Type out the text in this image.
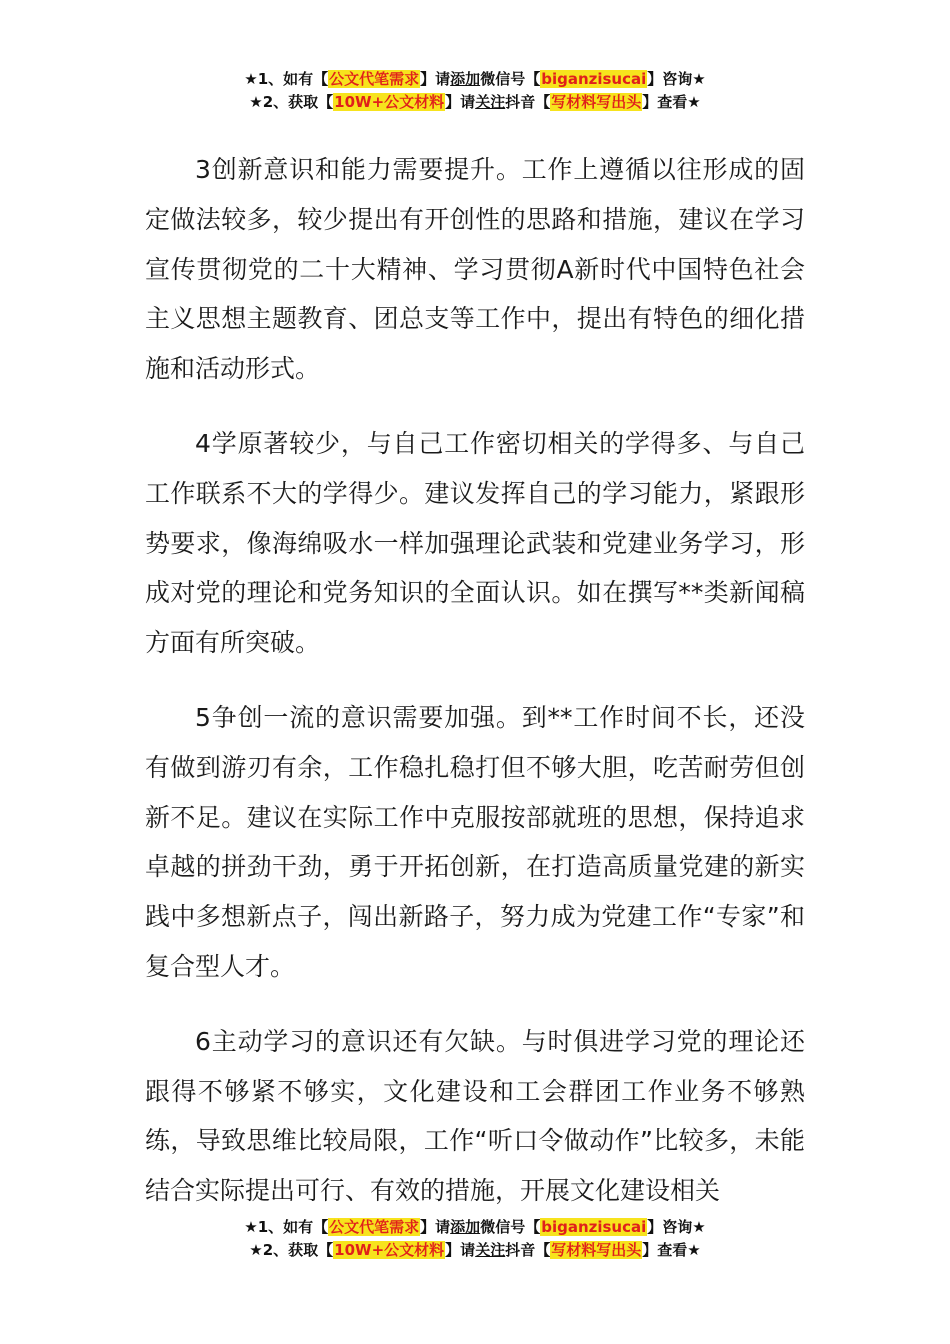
★1、如有【公文代笔需求】请添加微信号【biganzisucai】咨询★
★2、获取【10W+公文材料】请关注抖音【写材料写出头】查看★

3创新意识和能力需要提升。工作上遵循以往形成的固定做法较多，较少提出有开创性的思路和措施，建议在学习宣传贯彻党的二十大精神、学习贯彻A新时代中国特色社会主义思想主题教育、团总支等工作中，提出有特色的细化措施和活动形式。

4学原著较少，与自己工作密切相关的学得多、与自己工作联系不大的学得少。建议发挥自己的学习能力，紧跟形势要求，像海绵吸水一样加强理论武装和党建业务学习，形成对党的理论和党务知识的全面认识。如在撰写**类新闻稿方面有所突破。

5争创一流的意识需要加强。到**工作时间不长，还没有做到游刃有余，工作稳扎稳打但不够大胆，吃苦耐劳但创新不足。建议在实际工作中克服按部就班的思想，保持追求卓越的拼劲干劲，勇于开拓创新，在打造高质量党建的新实践中多想新点子，闯出新路子，努力成为党建工作“专家”和复合型人才。

6主动学习的意识还有欠缺。与时俱进学习党的理论还跟得不够紧不够实，文化建设和工会群团工作业务不够熟练，导致思维比较局限，工作“听口令做动作”比较多，未能结合实际提出可行、有效的措施，开展文化建设相关

★1、如有【公文代笔需求】请添加微信号【biganzisucai】咨询★
★2、获取【10W+公文材料】请关注抖音【写材料写出头】查看★
